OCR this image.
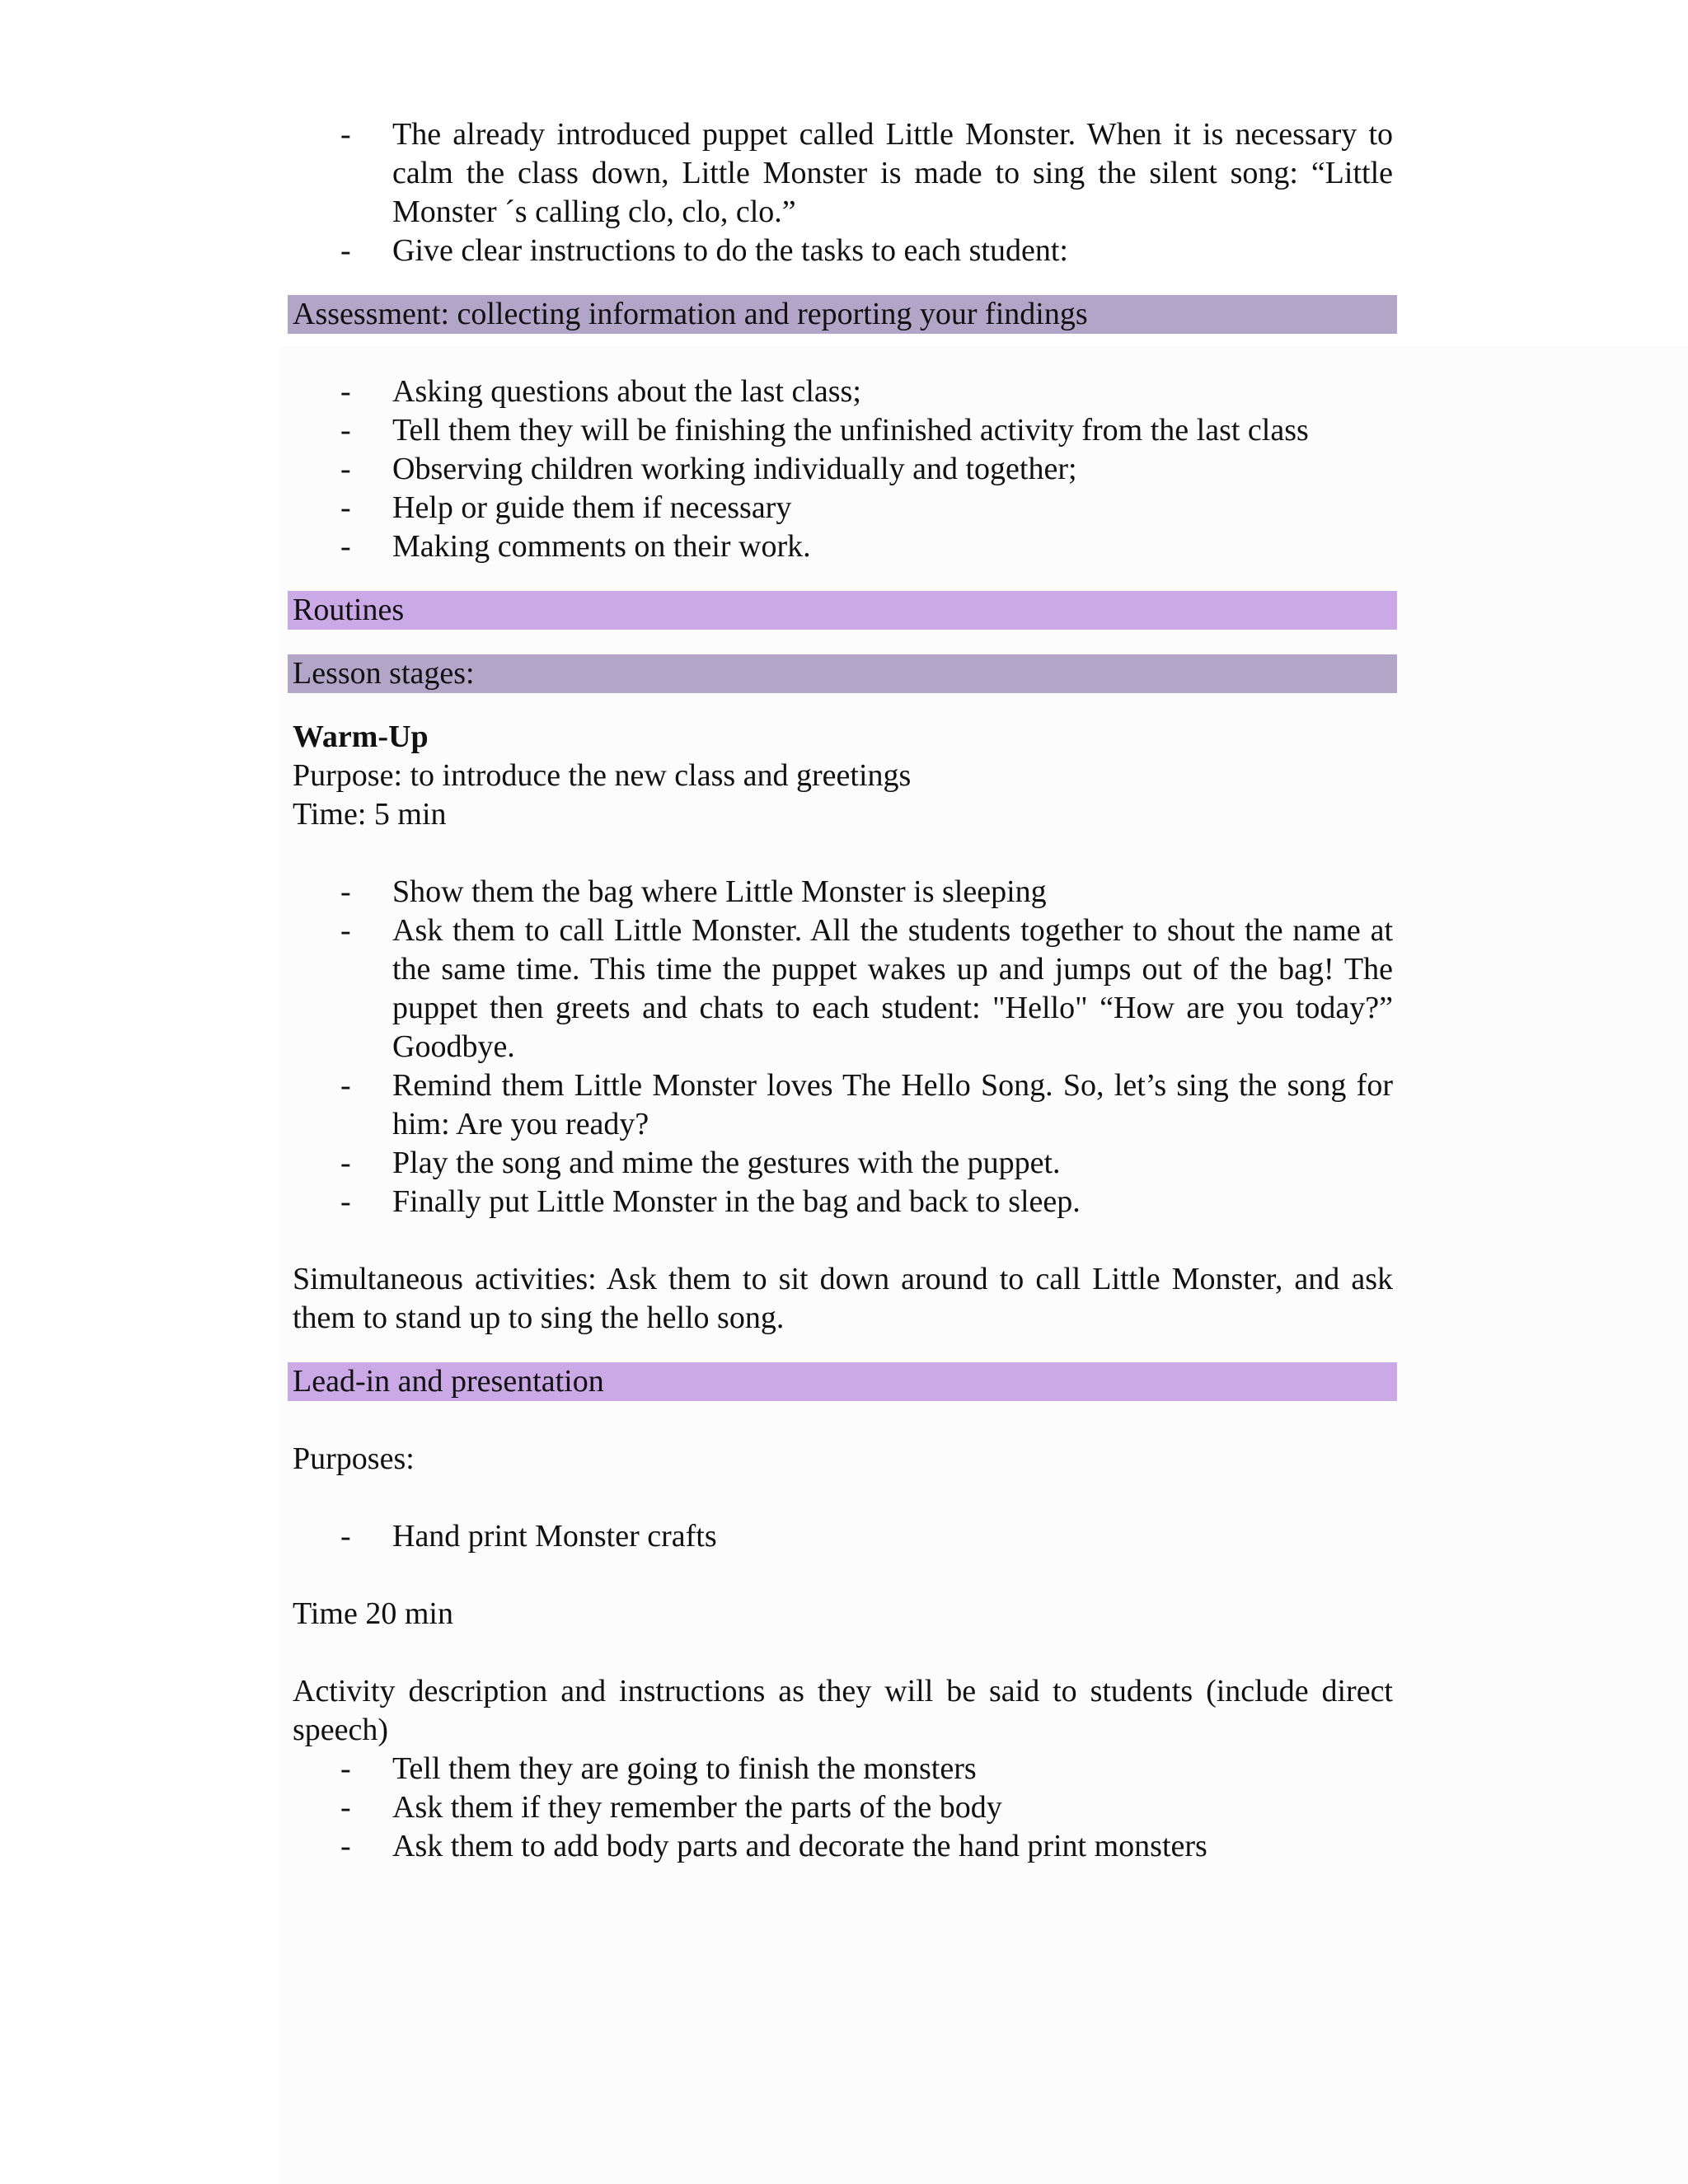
- The already introduced puppet called Little Monster. When it is necessary to calm the class down, Little Monster is made to sing the silent song: “Little Monster ´s calling clo, clo, clo.”
- Give clear instructions to do the tasks to each student:
Assessment: collecting information and reporting your findings
- Asking questions about the last class;
- Tell them they will be finishing the unfinished activity from the last class
- Observing children working individually and together;
- Help or guide them if necessary
- Making comments on their work.
Routines
Lesson stages:

Warm-Up

Purpose: to introduce the new class and greetings

Time: 5 min

- Show them the bag where Little Monster is sleeping
- Ask them to call Little Monster. All the students together to shout the name at the same time. This time the puppet wakes up and jumps out of the bag! The puppet then greets and chats to each student: "Hello" “How are you today?” Goodbye.
- Remind them Little Monster loves The Hello Song. So, let’s sing the song for him: Are you ready?
- Play the song and mime the gestures with the puppet.
- Finally put Little Monster in the bag and back to sleep.

Simultaneous activities: Ask them to sit down around to call Little Monster, and ask them to stand up to sing the hello song.

Lead-in and presentation

Purposes:

- Hand print Monster crafts

Time 20 min

Activity description and instructions as they will be said to students (include direct speech)

- Tell them they are going to finish the monsters
- Ask them if they remember the parts of the body
- Ask them to add body parts and decorate the hand print monsters
